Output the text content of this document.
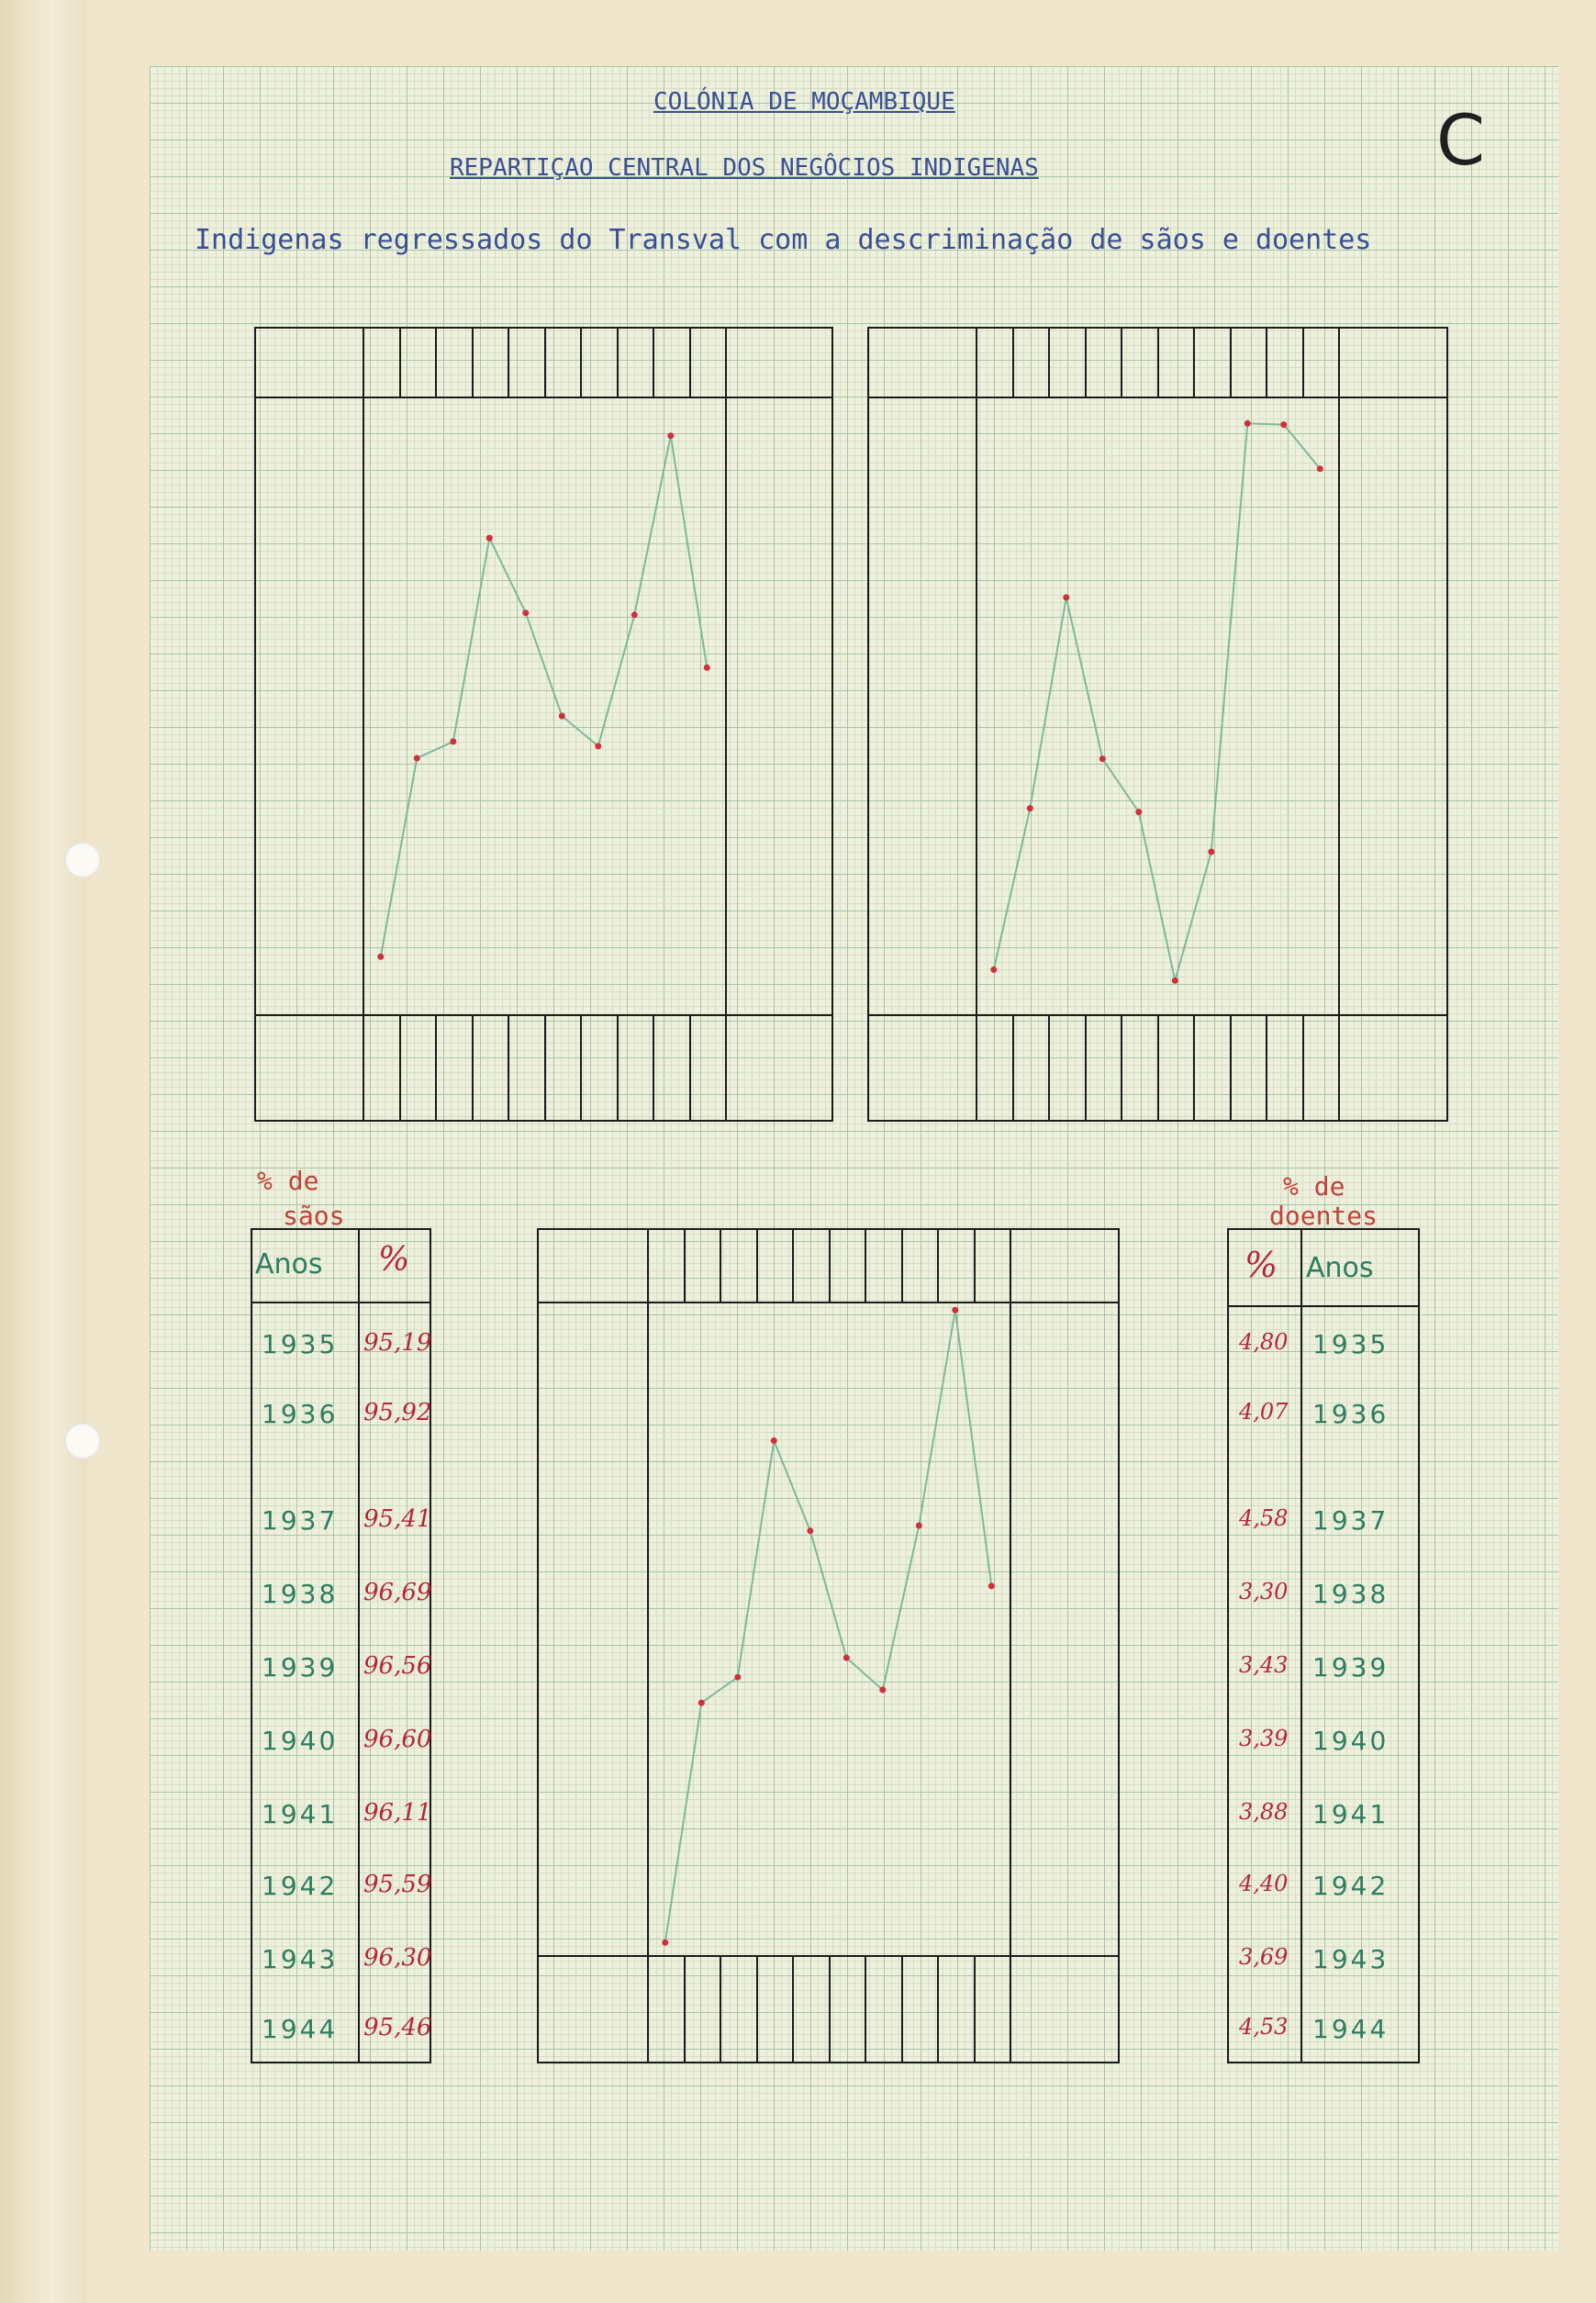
COLÓNIA DE MOÇAMBIQUE
REPARTIÇAO CENTRAL DOS NEGÔCIOS INDIGENAS
Indigenas regressados do Transval com a descriminação de sãos e doentes
C
% de
sãos
Anos %
1935 95,19
1936 95,92
1937 95,41
1938 96,69
1939 96,56
1940 96,60
1941 96,11
1942 95,59
1943 96,30
1944 95,46
% de
doentes
% Anos
4,80 1935
4,07 1936
4,58 1937
3,30 1938
3,43 1939
3,39 1940
3,88 1941
4,40 1942
3,69 1943
4,53 1944
